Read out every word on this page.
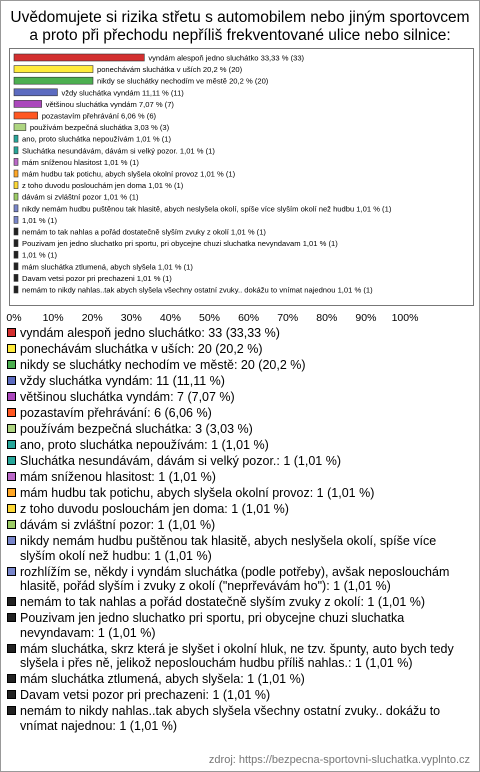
Uvědomujete si rizika střetu s automobilem nebo jiným sportovcem a proto při přechodu nepříliš frekventované ulice nebo silnice:
vyndám alespoň jedno sluchátko 33,33 % (33)
ponechávám sluchátka v uších 20,2 % (20)
nikdy se sluchátky nechodím ve městě 20,2 % (20)
vždy sluchátka vyndám 11,11 % (11)
většinou sluchátka vyndám 7,07 % (7)
pozastavím přehrávání 6,06 % (6)
používám bezpečná sluchátka 3,03 % (3)
ano, proto sluchátka nepoužívám 1,01 % (1)
Sluchátka nesundávám, dávám si velký pozor. 1,01 % (1)
mám sníženou hlasitost 1,01 % (1)
mám hudbu tak potichu, abych slyšela okolní provoz 1,01 % (1)
z toho duvodu poslouchám jen doma 1,01 % (1)
dávám si zvláštní pozor 1,01 % (1)
nikdy nemám hudbu puštěnou tak hlasitě, abych neslyšela okolí, spíše více slyším okolí než hudbu 1,01 % (1)
1,01 % (1)
nemám to tak nahlas a pořád dostatečně slyším zvuky z okolí 1,01 % (1)
Pouzivam jen jedno sluchatko pri sportu, pri obycejne chuzi sluchatka nevyndavam 1,01 % (1)
1,01 % (1)
mám sluchátka ztlumená, abych slyšela 1,01 % (1)
Davam vetsi pozor pri prechazeni 1,01 % (1)
nemám to nikdy nahlas..tak abych slyšela všechny ostatní zvuky.. dokážu to vnímat najednou 1,01 % (1)
0% 10% 20% 30% 40% 50% 60% 70% 80% 90% 100%
vyndám alespoň jedno sluchátko: 33 (33,33 %)
ponechávám sluchátka v uších: 20 (20,2 %)
nikdy se sluchátky nechodím ve městě: 20 (20,2 %)
vždy sluchátka vyndám: 11 (11,11 %)
většinou sluchátka vyndám: 7 (7,07 %)
pozastavím přehrávání: 6 (6,06 %)
používám bezpečná sluchátka: 3 (3,03 %)
ano, proto sluchátka nepoužívám: 1 (1,01 %)
Sluchátka nesundávám, dávám si velký pozor.: 1 (1,01 %)
mám sníženou hlasitost: 1 (1,01 %)
mám hudbu tak potichu, abych slyšela okolní provoz: 1 (1,01 %)
z toho duvodu poslouchám jen doma: 1 (1,01 %)
dávám si zvláštní pozor: 1 (1,01 %)
nikdy nemám hudbu puštěnou tak hlasitě, abych neslyšela okolí, spíše více slyším okolí než hudbu: 1 (1,01 %)
rozhlížím se, někdy i vyndám sluchátka (podle potřeby), avšak neposlouchám hlasitě, pořád slyším i zvuky z okolí ("neprřevávám ho"): 1 (1,01 %)
nemám to tak nahlas a pořád dostatečně slyším zvuky z okolí: 1 (1,01 %)
Pouzivam jen jedno sluchatko pri sportu, pri obycejne chuzi sluchatka nevyndavam: 1 (1,01 %)
mám sluchátka, skrz která je slyšet i okolní hluk, ne tzv. špunty, auto bych tedy slyšela i přes ně, jelikož neposlouchám hudbu příliš nahlas.: 1 (1,01 %)
mám sluchátka ztlumená, abych slyšela: 1 (1,01 %)
Davam vetsi pozor pri prechazeni: 1 (1,01 %)
nemám to nikdy nahlas..tak abych slyšela všechny ostatní zvuky.. dokážu to vnímat najednou: 1 (1,01 %)
zdroj: https://bezpecna-sportovni-sluchatka.vyplnto.cz
